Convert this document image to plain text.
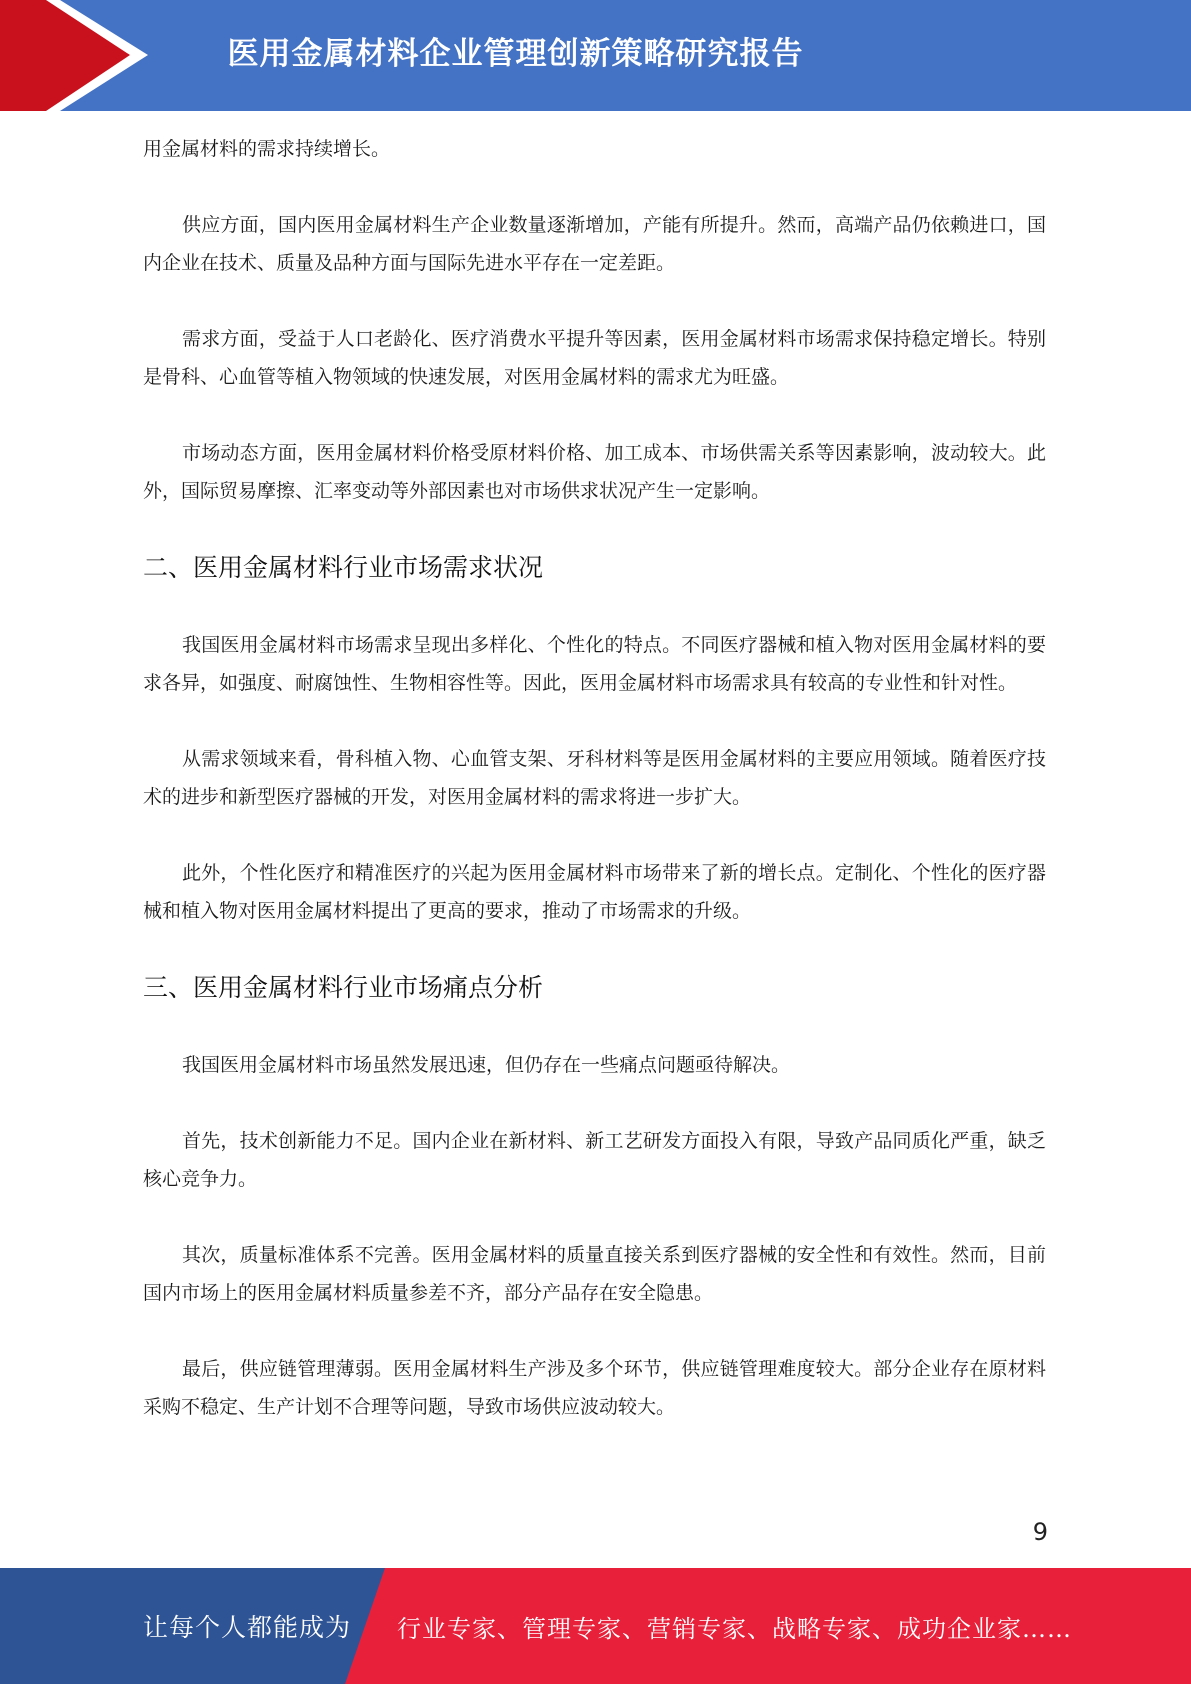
医用金属材料企业管理创新策略研究报告

用金属材料的需求持续增长。

供应方面，国内医用金属材料生产企业数量逐渐增加，产能有所提升。然而，高端产品仍依赖进口，国内企业在技术、质量及品种方面与国际先进水平存在一定差距。

需求方面，受益于人口老龄化、医疗消费水平提升等因素，医用金属材料市场需求保持稳定增长。特别是骨科、心血管等植入物领域的快速发展，对医用金属材料的需求尤为旺盛。

市场动态方面，医用金属材料价格受原材料价格、加工成本、市场供需关系等因素影响，波动较大。此外，国际贸易摩擦、汇率变动等外部因素也对市场供求状况产生一定影响。

二、医用金属材料行业市场需求状况

我国医用金属材料市场需求呈现出多样化、个性化的特点。不同医疗器械和植入物对医用金属材料的要求各异，如强度、耐腐蚀性、生物相容性等。因此，医用金属材料市场需求具有较高的专业性和针对性。

从需求领域来看，骨科植入物、心血管支架、牙科材料等是医用金属材料的主要应用领域。随着医疗技术的进步和新型医疗器械的开发，对医用金属材料的需求将进一步扩大。

此外，个性化医疗和精准医疗的兴起为医用金属材料市场带来了新的增长点。定制化、个性化的医疗器械和植入物对医用金属材料提出了更高的要求，推动了市场需求的升级。

三、医用金属材料行业市场痛点分析

我国医用金属材料市场虽然发展迅速，但仍存在一些痛点问题亟待解决。

首先，技术创新能力不足。国内企业在新材料、新工艺研发方面投入有限，导致产品同质化严重，缺乏核心竞争力。

其次，质量标准体系不完善。医用金属材料的质量直接关系到医疗器械的安全性和有效性。然而，目前国内市场上的医用金属材料质量参差不齐，部分产品存在安全隐患。

最后，供应链管理薄弱。医用金属材料生产涉及多个环节，供应链管理难度较大。部分企业存在原材料采购不稳定、生产计划不合理等问题，导致市场供应波动较大。

9
让每个人都能成为 行业专家、管理专家、营销专家、战略专家、成功企业家……
